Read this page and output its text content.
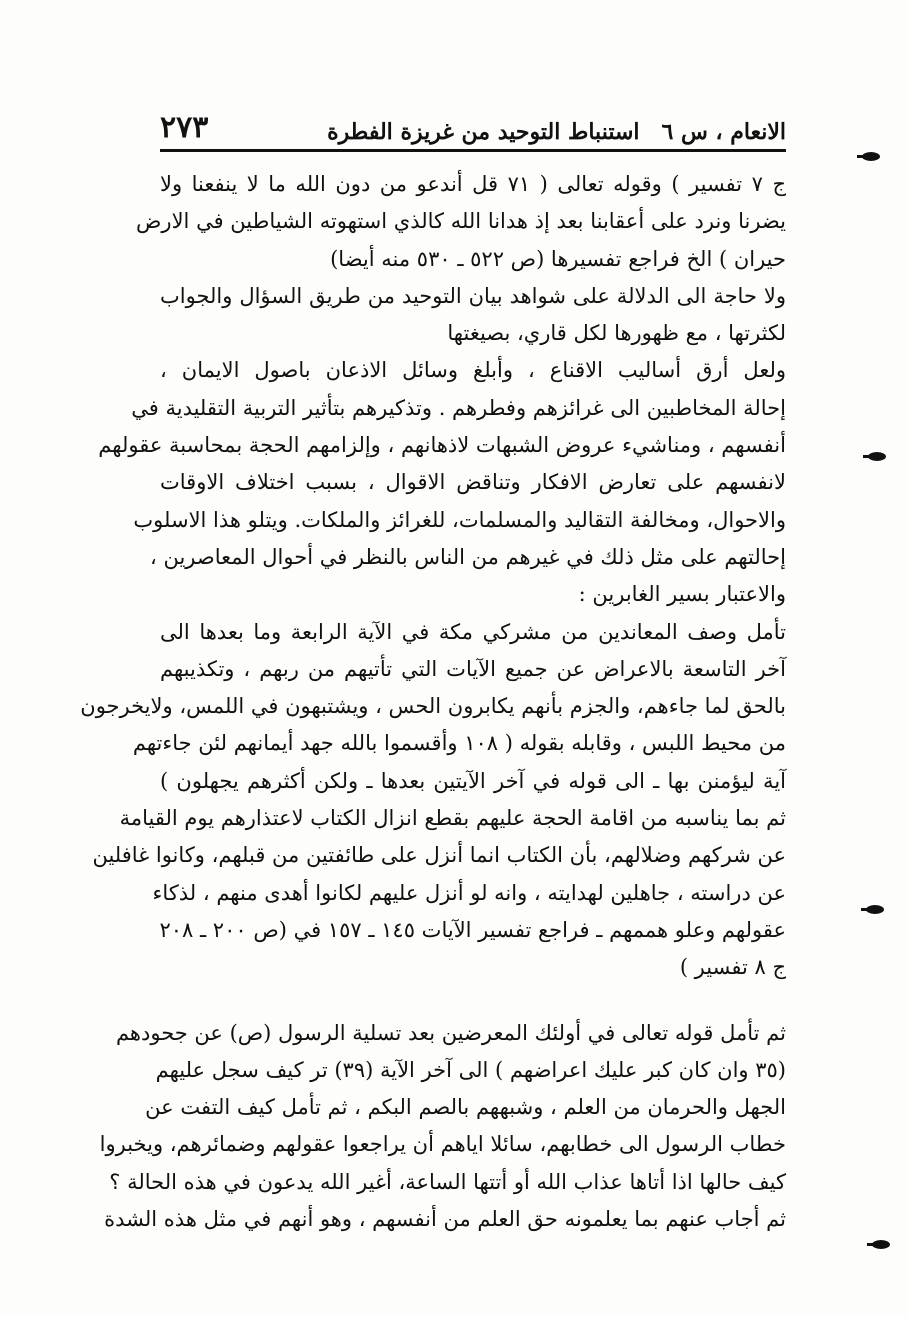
الانعام ، س ٦
استنباط التوحيد من غريزة الفطرة
٢٧٣
ج ٧ تفسير ) وقوله تعالى ( ٧١ قل أندعو من دون الله ما لا ينفعنا ولا
يضرنا ونرد على أعقابنا بعد إذ هدانا الله كالذي استهوته الشياطين في الارض
حيران ) الخ فراجع تفسيرها (ص ٥٢٢ ـ ٥٣٠ منه أيضا)
ولا حاجة الى الدلالة على شواهد بيان التوحيد من طريق السؤال والجواب
لكثرتها ، مع ظهورها لكل قاري، بصيغتها
ولعل أرق أساليب الاقناع ، وأبلغ وسائل الاذعان باصول الايمان ،
إحالة المخاطبين الى غرائزهم وفطرهم . وتذكيرهم بتأثير التربية التقليدية في
أنفسهم ، ومناشيء عروض الشبهات لاذهانهم ، وإلزامهم الحجة بمحاسبة عقولهم
لانفسهم على تعارض الافكار وتناقض الاقوال ، بسبب اختلاف الاوقات
والاحوال، ومخالفة التقاليد والمسلمات، للغرائز والملكات. ويتلو هذا الاسلوب
إحالتهم على مثل ذلك في غيرهم من الناس بالنظر في أحوال المعاصرين ،
والاعتبار بسير الغابرين :
تأمل وصف المعاندين من مشركي مكة في الآية الرابعة وما بعدها الى
آخر التاسعة بالاعراض عن جميع الآيات التي تأتيهم من ربهم ، وتكذيبهم
بالحق لما جاءهم، والجزم بأنهم يكابرون الحس ، ويشتبهون في اللمس، ولايخرجون
من محيط اللبس ، وقابله بقوله ( ١٠٨ وأقسموا بالله جهد أيمانهم لئن جاءتهم
آية ليؤمنن بها ـ الى قوله في آخر الآيتين بعدها ـ ولكن أكثرهم يجهلون )
ثم بما يناسبه من اقامة الحجة عليهم بقطع انزال الكتاب لاعتذارهم يوم القيامة
عن شركهم وضلالهم، بأن الكتاب انما أنزل على طائفتين من قبلهم، وكانوا غافلين
عن دراسته ، جاهلين لهدايته ، وانه لو أنزل عليهم لكانوا أهدى منهم ، لذكاء
عقولهم وعلو هممهم ـ فراجع تفسير الآيات ١٤٥ ـ ١٥٧ في (ص ٢٠٠ ـ ٢٠٨
ج ٨ تفسير )
ثم تأمل قوله تعالى في أولئك المعرضين بعد تسلية الرسول (ص) عن جحودهم
(٣٥ وان كان كبر عليك اعراضهم ) الى آخر الآية (٣٩) تر كيف سجل عليهم
الجهل والحرمان من العلم ، وشبههم بالصم البكم ، ثم تأمل كيف التفت عن
خطاب الرسول الى خطابهم، سائلا اياهم أن يراجعوا عقولهم وضمائرهم، ويخبروا
كيف حالها اذا أتاها عذاب الله أو أتتها الساعة، أغير الله يدعون في هذه الحالة ؟
ثم أجاب عنهم بما يعلمونه حق العلم من أنفسهم ، وهو أنهم في مثل هذه الشدة
